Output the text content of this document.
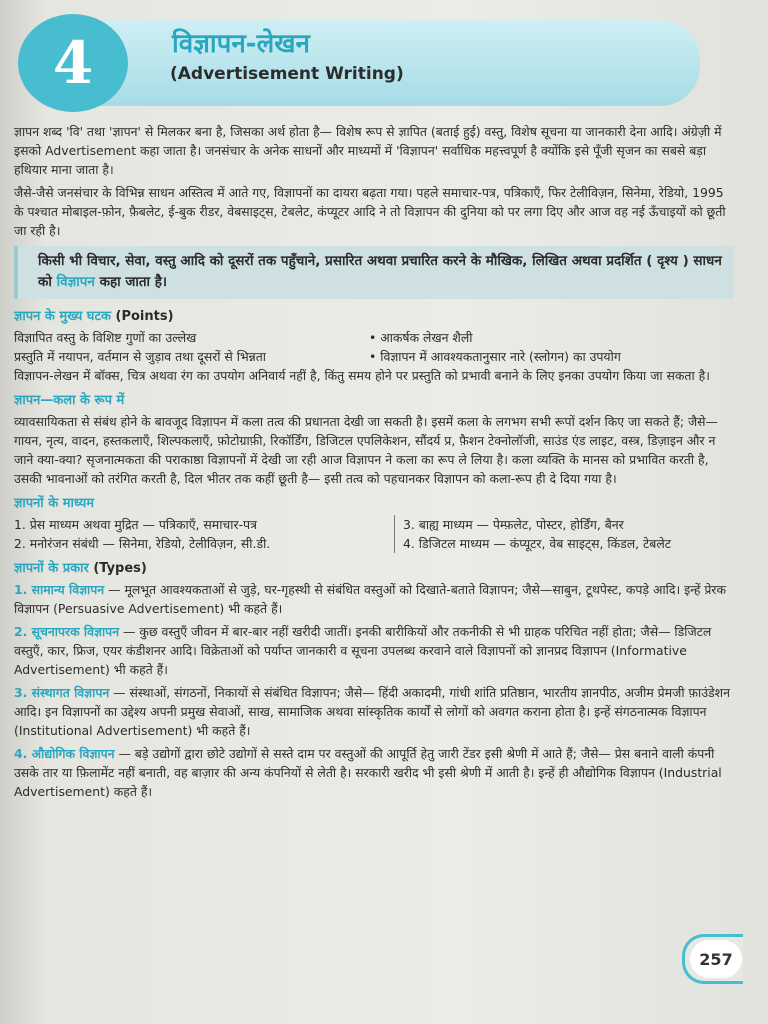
4	विज्ञापन-लेखन
(Advertisement Writing)

ज्ञापन शब्द 'वि' तथा 'ज्ञापन' से मिलकर बना है, जिसका अर्थ होता है— विशेष रूप से ज्ञापित (बताई हुई) वस्तु, विशेष सूचना या जानकारी देना आदि। अंग्रेज़ी में इसको Advertisement कहा जाता है। जनसंचार के अनेक साधनों और माध्यमों में 'विज्ञापन' सर्वाधिक महत्त्वपूर्ण है क्योंकि इसे पूँजी सृजन का सबसे बड़ा हथियार माना जाता है।

जैसे-जैसे जनसंचार के विभिन्न साधन अस्तित्व में आते गए, विज्ञापनों का दायरा बढ़ता गया। पहले समाचार-पत्र, पत्रिकाएँ, फिर टेलीविज़न, सिनेमा, रेडियो, 1995 के पश्चात मोबाइल-फ़ोन, फ़ैबलेट, ई-बुक रीडर, वेबसाइट्स, टेबलेट, कंप्यूटर आदि ने तो विज्ञापन की दुनिया को पर लगा दिए और आज वह नई ऊँचाइयों को छूती जा रही है।

किसी भी विचार, सेवा, वस्तु आदि को दूसरों तक पहुँचाने, प्रसारित अथवा प्रचारित करने के मौखिक, लिखित अथवा प्रदर्शित ( दृश्य ) साधन को विज्ञापन कहा जाता है।
ज्ञापन के मुख्य घटक (Points)
विज्ञापित वस्तु के विशिष्ट गुणों का उल्लेख	• आकर्षक लेखन शैली
प्रस्तुति में नयापन, वर्तमान से जुड़ाव तथा दूसरों से भिन्नता	• विज्ञापन में आवश्यकतानुसार नारे (स्लोगन) का उपयोग

विज्ञापन-लेखन में बॉक्स, चित्र अथवा रंग का उपयोग अनिवार्य नहीं है, किंतु समय होने पर प्रस्तुति को प्रभावी बनाने के लिए इनका उपयोग किया जा सकता है।

ज्ञापन—कला के रूप में

व्यावसायिकता से संबंध होने के बावजूद विज्ञापन में कला तत्व की प्रधानता देखी जा सकती है। इसमें कला के लगभग सभी रूपों दर्शन किए जा सकते हैं; जैसे—गायन, नृत्य, वादन, हस्तकलाएँ, शिल्पकलाएँ, फ़ोटोग्राफ़ी, रिकॉर्डिंग, डिजिटल एपलिकेशन, सौंदर्य प्र, फ़ैशन टेक्नोलॉजी, साउंड एंड लाइट, वस्त्र, डिज़ाइन और न जाने क्या-क्या? सृजनात्मकता की पराकाष्ठा विज्ञापनों में देखी जा रही आज विज्ञापन ने कला का रूप ले लिया है। कला व्यक्ति के मानस को प्रभावित करती है, उसकी भावनाओं को तरंगित करती है, दिल भीतर तक कहीं छूती है— इसी तत्व को पहचानकर विज्ञापन को कला-रूप ही दे दिया गया है।

ज्ञापनों के माध्यम
1. प्रेस माध्यम अथवा मुद्रित — पत्रिकाएँ, समाचार-पत्र
2. मनोरंजन संबंधी — सिनेमा, रेडियो, टेलीविज़न, सी.डी.
3. बाह्य माध्यम — पेम्फ़लेट, पोस्टर, होर्डिंग, बैनर
4. डिजिटल माध्यम — कंप्यूटर, वेब साइट्स, किंडल, टेबलेट
ज्ञापनों के प्रकार (Types)

1. सामान्य विज्ञापन — मूलभूत आवश्यकताओं से जुड़े, घर-गृहस्थी से संबंधित वस्तुओं को दिखाते-बताते विज्ञापन; जैसे—साबुन, टूथपेस्ट, कपड़े आदि। इन्हें प्रेरक विज्ञापन (Persuasive Advertisement) भी कहते हैं।

2. सूचनापरक विज्ञापन — कुछ वस्तुएँ जीवन में बार-बार नहीं खरीदी जातीं। इनकी बारीकियों और तकनीकी से भी ग्राहक परिचित नहीं होता; जैसे— डिजिटल वस्तुएँ, कार, फ्रिज, एयर कंडीशनर आदि। विक्रेताओं को पर्याप्त जानकारी व सूचना उपलब्ध करवाने वाले विज्ञापनों को ज्ञानप्रद विज्ञापन (Informative Advertisement) भी कहते हैं।

3. संस्थागत विज्ञापन — संस्थाओं, संगठनों, निकायों से संबंधित विज्ञापन; जैसे— हिंदी अकादमी, गांधी शांति प्रतिष्ठान, भारतीय ज्ञानपीठ, अजीम प्रेमजी फ़ाउंडेशन आदि। इन विज्ञापनों का उद्देश्य अपनी प्रमुख सेवाओं, साख, सामाजिक अथवा सांस्कृतिक कार्यों से लोगों को अवगत कराना होता है। इन्हें संगठनात्मक विज्ञापन (Institutional Advertisement) भी कहते हैं।

4. औद्योगिक विज्ञापन — बड़े उद्योगों द्वारा छोटे उद्योगों से सस्ते दाम पर वस्तुओं की आपूर्ति हेतु जारी टेंडर इसी श्रेणी में आते हैं; जैसे— प्रेस बनाने वाली कंपनी उसके तार या फ़िलामेंट नहीं बनाती, वह बाज़ार की अन्य कंपनियों से लेती है। सरकारी खरीद भी इसी श्रेणी में आती है। इन्हें ही औद्योगिक विज्ञापन (Industrial Advertisement) कहते हैं।

257
